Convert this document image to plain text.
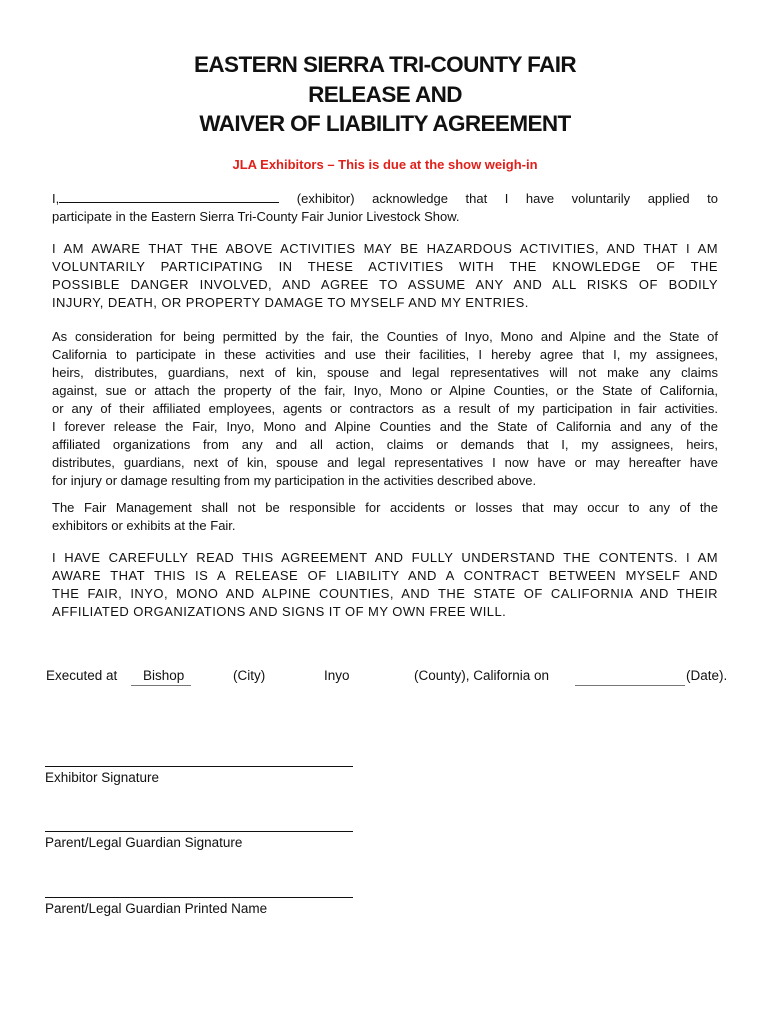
EASTERN SIERRA TRI-COUNTY FAIR
RELEASE AND
WAIVER OF LIABILITY AGREEMENT
JLA Exhibitors – This is due at the show weigh-in
I,	(exhibitor) acknowledge that I have voluntarily applied to
participate in the Eastern Sierra Tri-County Fair Junior Livestock Show.
I AM AWARE THAT THE ABOVE ACTIVITIES MAY BE HAZARDOUS ACTIVITIES, AND THAT I AM
VOLUNTARILY PARTICIPATING IN THESE ACTIVITIES WITH THE KNOWLEDGE OF THE
POSSIBLE DANGER INVOLVED, AND AGREE TO ASSUME ANY AND ALL RISKS OF BODILY
INJURY, DEATH, OR PROPERTY DAMAGE TO MYSELF AND MY ENTRIES.
As consideration for being permitted by the fair, the Counties of Inyo, Mono and Alpine and the State of
California to participate in these activities and use their facilities, I hereby agree that I, my assignees,
heirs, distributes, guardians, next of kin, spouse and legal representatives will not make any claims
against, sue or attach the property of the fair, Inyo, Mono or Alpine Counties, or the State of California,
or any of their affiliated employees, agents or contractors as a result of my participation in fair activities.
I forever release the Fair, Inyo, Mono and Alpine Counties and the State of California and any of the
affiliated organizations from any and all action, claims or demands that I, my assignees, heirs,
distributes, guardians, next of kin, spouse and legal representatives I now have or may hereafter have
for injury or damage resulting from my participation in the activities described above.
The Fair Management shall not be responsible for accidents or losses that may occur to any of the
exhibitors or exhibits at the Fair.
I HAVE CAREFULLY READ THIS AGREEMENT AND FULLY UNDERSTAND THE CONTENTS. I AM
AWARE THAT THIS IS A RELEASE OF LIABILITY AND A CONTRACT BETWEEN MYSELF AND
THE FAIR, INYO, MONO AND ALPINE COUNTIES, AND THE STATE OF CALIFORNIA AND THEIR
AFFILIATED ORGANIZATIONS AND SIGNS IT OF MY OWN FREE WILL.
Executed at Bishop	(City)	Inyo	(County), California on	(Date).
Exhibitor Signature
Parent/Legal Guardian Signature
Parent/Legal Guardian Printed Name
